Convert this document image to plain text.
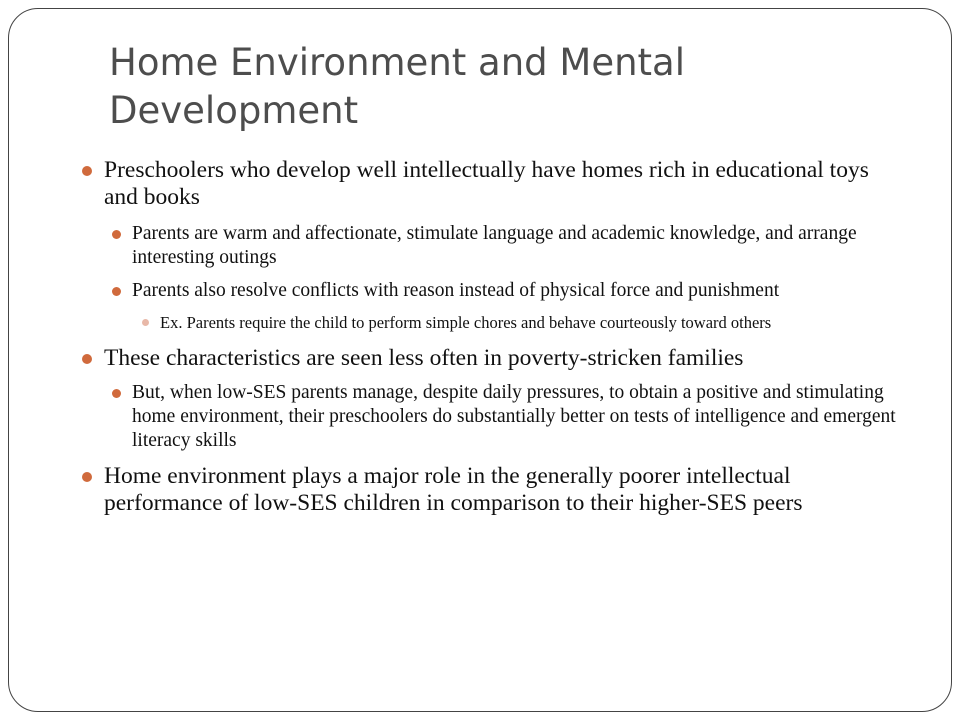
Home Environment and Mental Development
Preschoolers who develop well intellectually have homes rich in educational toys and books
Parents are warm and affectionate, stimulate language and academic knowledge, and arrange interesting outings
Parents also resolve conflicts with reason instead of physical force and punishment
Ex. Parents require the child to perform simple chores and behave courteously toward others
These characteristics are seen less often in poverty-stricken families
But, when low-SES parents manage, despite daily pressures, to obtain a positive and stimulating home environment, their preschoolers do substantially better on tests of intelligence and emergent literacy skills
Home environment plays a major role in the generally poorer intellectual performance of low-SES children in comparison to their higher-SES peers
